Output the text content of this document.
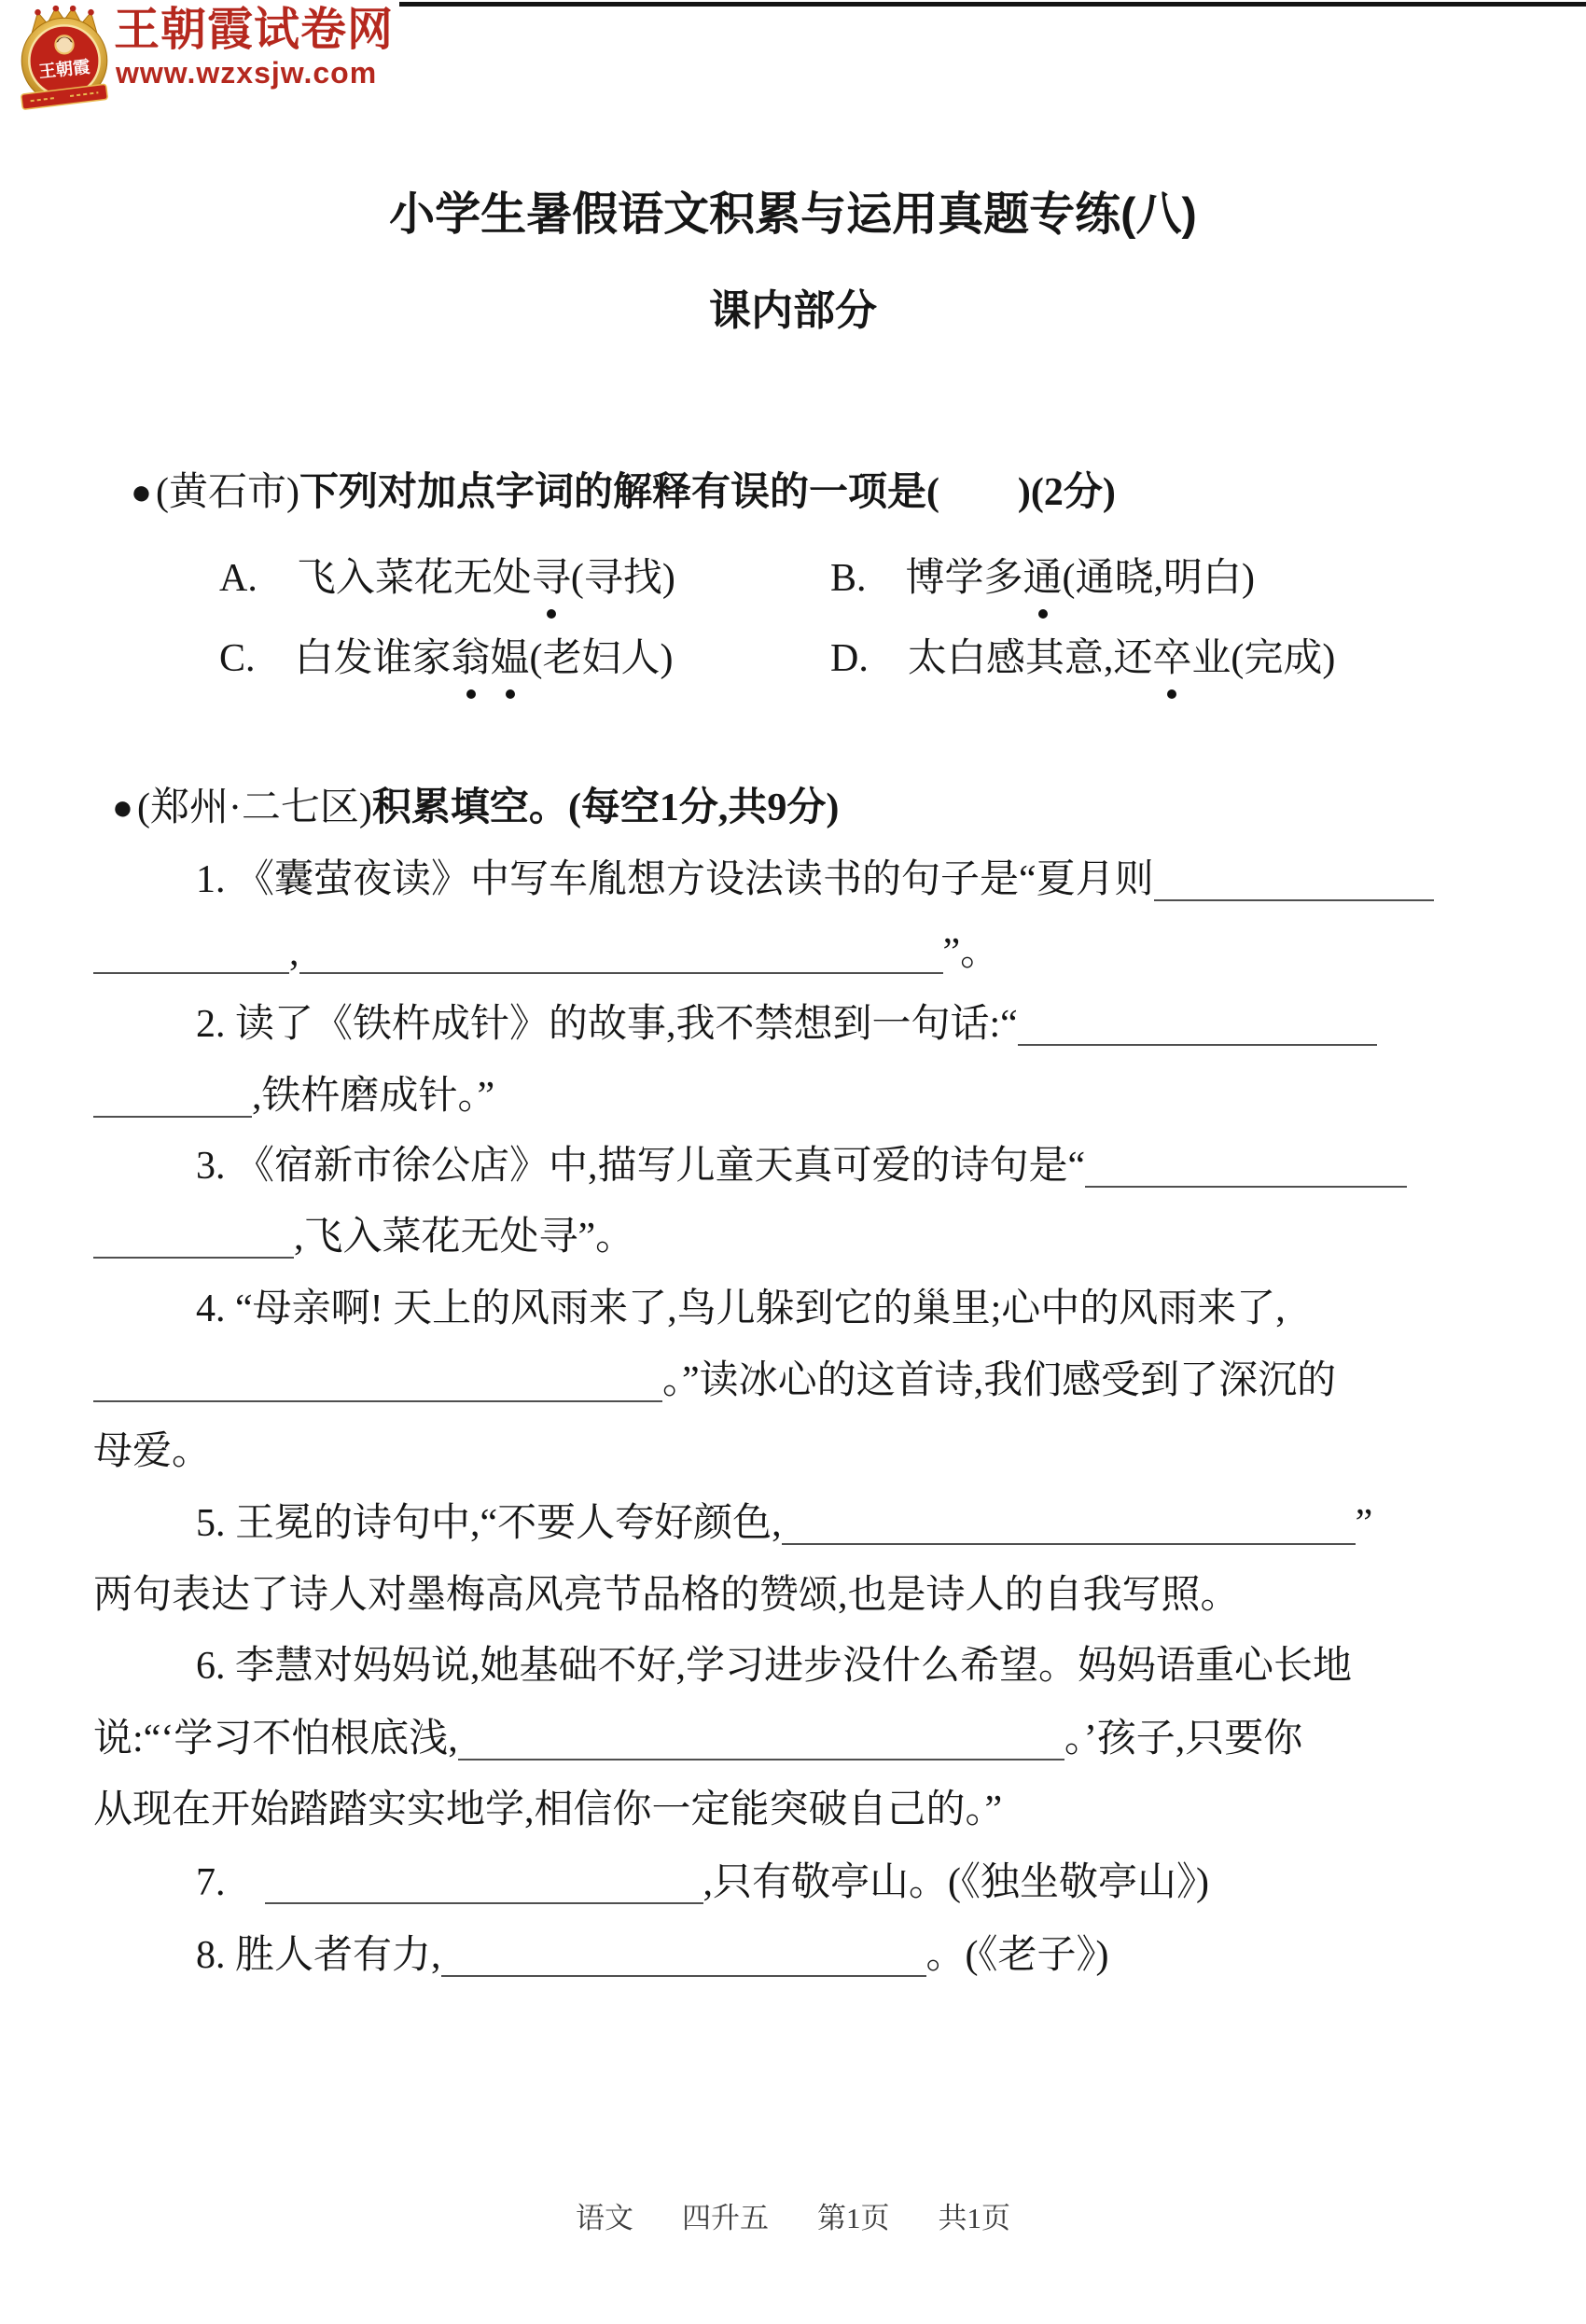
王朝霞
王朝霞试卷网
www.wzxsjw.com
小学生暑假语文积累与运用真题专练(八)
课内部分
●(黄石市)下列对加点字词的解释有误的一项是(　　)(2分)
A.　飞入菜花无处寻(寻找)	B.　博学多通(通晓,明白)
C.　白发谁家翁媪(老妇人)	D.　太白感其意,还卒业(完成)
●(郑州·二七区)积累填空。(每空1分,共9分)
1. 《囊萤夜读》中写车胤想方设法读书的句子是“夏月则
,	”。
2. 读了《铁杵成针》的故事,我不禁想到一句话:“
,铁杵磨成针。”
3. 《宿新市徐公店》中,描写儿童天真可爱的诗句是“
,飞入菜花无处寻”。
4. “母亲啊! 天上的风雨来了,鸟儿躲到它的巢里;心中的风雨来了,
。”读冰心的这首诗,我们感受到了深沉的
母爱。
5. 王冕的诗句中,“不要人夸好颜色,	”
两句表达了诗人对墨梅高风亮节品格的赞颂,也是诗人的自我写照。
6. 李慧对妈妈说,她基础不好,学习进步没什么希望。妈妈语重心长地
说:“‘学习不怕根底浅,	。’孩子,只要你
从现在开始踏踏实实地学,相信你一定能突破自己的。”
7.　	,只有敬亭山。(《独坐敬亭山》)
8. 胜人者有力,	。(《老子》)
语文 四升五 第1页 共1页
